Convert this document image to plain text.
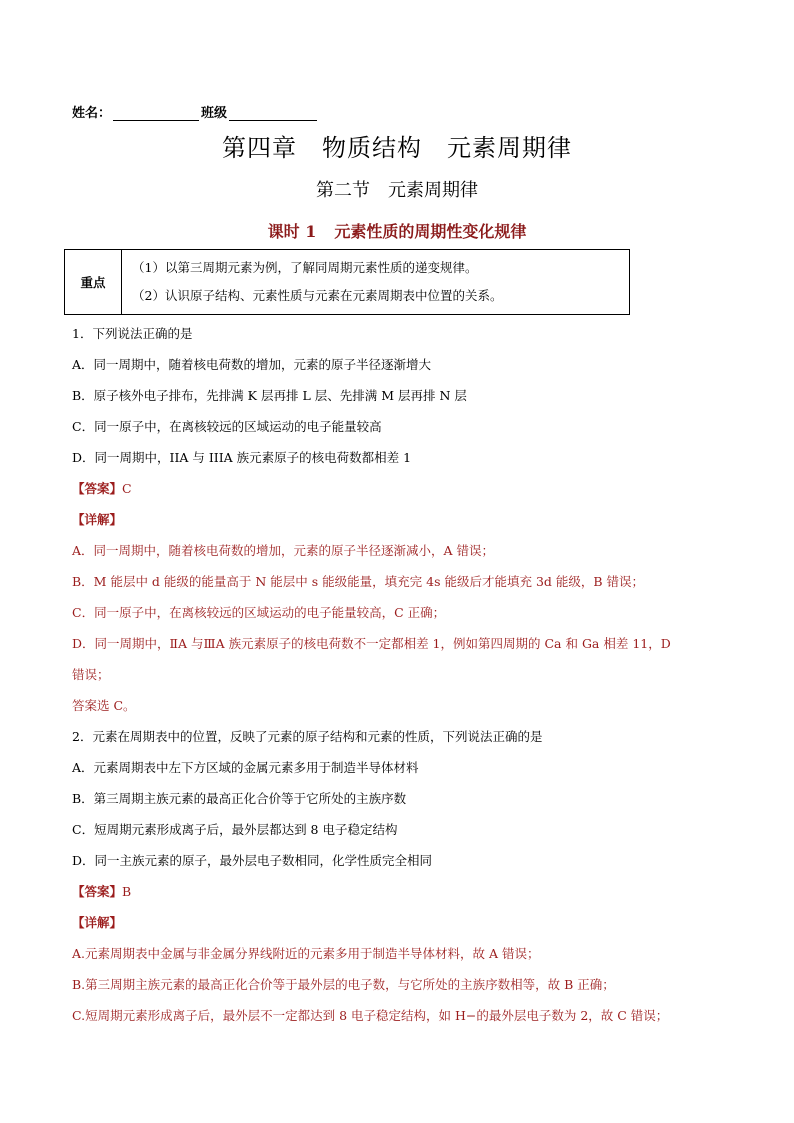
姓名：	班级
第四章　物质结构　元素周期律
第二节　元素周期律
课时 1 元素性质的周期性变化规律
重点	
（1）以第三周期元素为例，了解同周期元素性质的递变规律。
（2）认识原子结构、元素性质与元素在元素周期表中位置的关系。
1．下列说法正确的是
A．同一周期中，随着核电荷数的增加，元素的原子半径逐渐增大
B．原子核外电子排布，先排满 K 层再排 L 层、先排满 M 层再排 N 层
C．同一原子中，在离核较远的区域运动的电子能量较高
D．同一周期中，IIA 与 IIIA 族元素原子的核电荷数都相差 1
【答案】C
【详解】
A．同一周期中，随着核电荷数的增加，元素的原子半径逐渐减小，A 错误；
B．M 能层中 d 能级的能量高于 N 能层中 s 能级能量，填充完 4s 能级后才能填充 3d 能级，B 错误；
C．同一原子中，在离核较远的区域运动的电子能量较高，C 正确；
D．同一周期中，ⅡA 与ⅢA 族元素原子的核电荷数不一定都相差 1，例如第四周期的 Ca 和 Ga 相差 11，D
错误；
答案选 C。
2．元素在周期表中的位置，反映了元素的原子结构和元素的性质，下列说法正确的是
A．元素周期表中左下方区域的金属元素多用于制造半导体材料
B．第三周期主族元素的最高正化合价等于它所处的主族序数
C．短周期元素形成离子后，最外层都达到 8 电子稳定结构
D．同一主族元素的原子，最外层电子数相同，化学性质完全相同
【答案】B
【详解】
A.元素周期表中金属与非金属分界线附近的元素多用于制造半导体材料，故 A 错误；
B.第三周期主族元素的最高正化合价等于最外层的电子数，与它所处的主族序数相等，故 B 正确；
C.短周期元素形成离子后，最外层不一定都达到 8 电子稳定结构，如 H−的最外层电子数为 2，故 C 错误；
